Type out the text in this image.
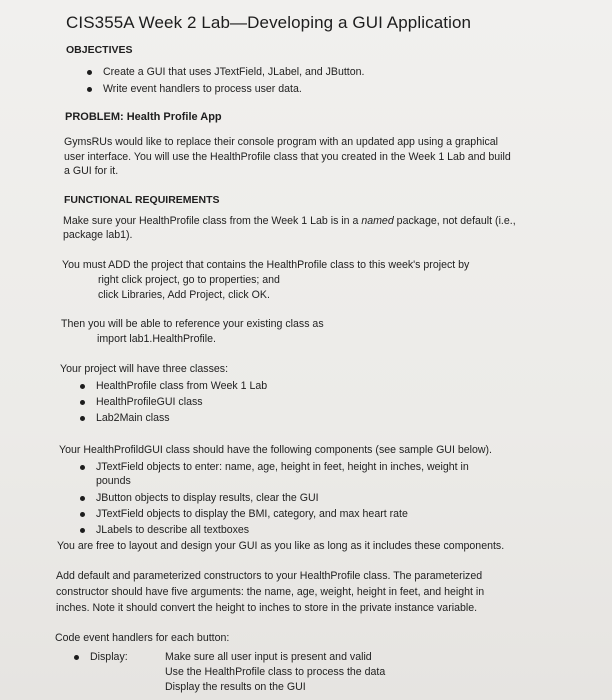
CIS355A Week 2 Lab—Developing a GUI Application
OBJECTIVES
Create a GUI that uses JTextField, JLabel, and JButton.
Write event handlers to process user data.
PROBLEM: Health Profile App
GymsRUs would like to replace their console program with an updated app using a graphical
user interface. You will use the HealthProfile class that you created in the Week 1 Lab and build
a GUI for it.
FUNCTIONAL REQUIREMENTS
Make sure your HealthProfile class from the Week 1 Lab is in a named package, not default (i.e.,
package lab1).
You must ADD the project that contains the HealthProfile class to this week's project by
right click project, go to properties; and
click Libraries, Add Project, click OK.
Then you will be able to reference your existing class as
import lab1.HealthProfile.
Your project will have three classes:
HealthProfile class from Week 1 Lab
HealthProfileGUI class
Lab2Main class
Your HealthProfildGUI class should have the following components (see sample GUI below).
JTextField objects to enter: name, age, height in feet, height in inches, weight in
pounds
JButton objects to display results, clear the GUI
JTextField objects to display the BMI, category, and max heart rate
JLabels to describe all textboxes
You are free to layout and design your GUI as you like as long as it includes these components.
Add default and parameterized constructors to your HealthProfile class. The parameterized
constructor should have five arguments: the name, age, weight, height in feet, and height in
inches. Note it should convert the height to inches to store in the private instance variable.
Code event handlers for each button:
Display:	Make sure all user input is present and valid
Use the HealthProfile class to process the data
Display the results on the GUI
